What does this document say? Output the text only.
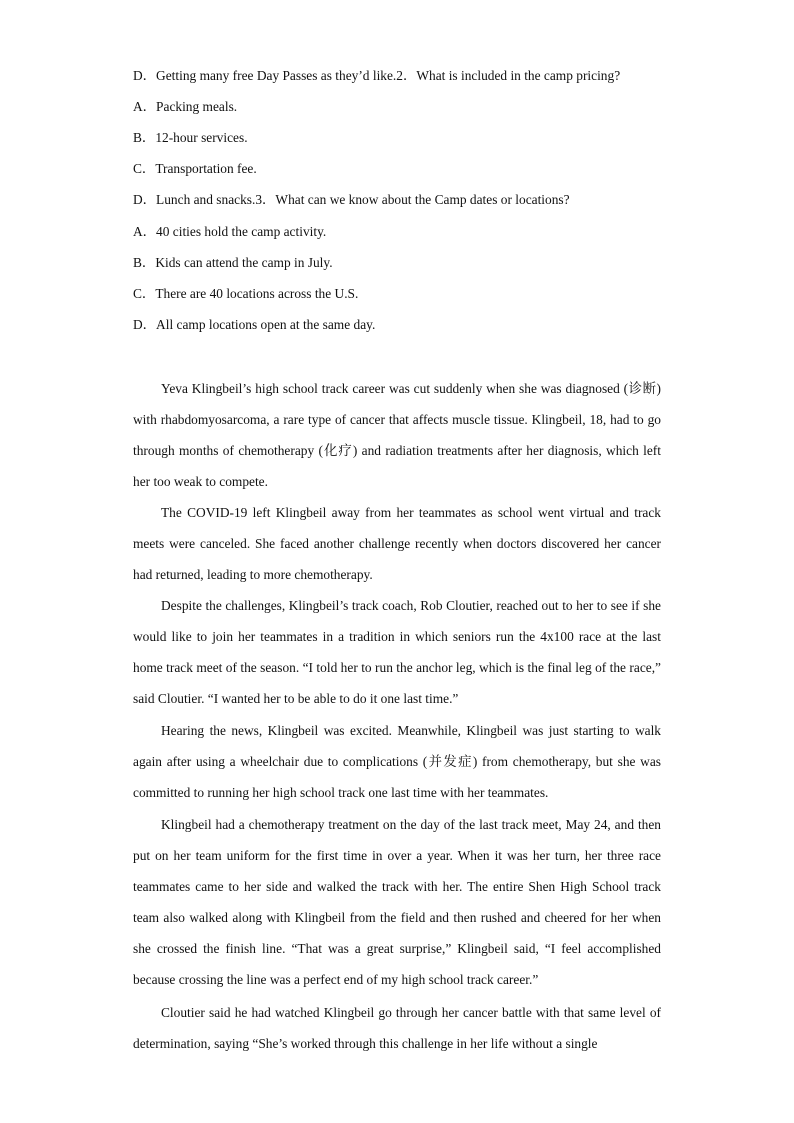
D．Getting many free Day Passes as they’d like.2．What is included in the camp pricing?
A．Packing meals.
B．12-hour services.
C．Transportation fee.
D．Lunch and snacks.3．What can we know about the Camp dates or locations?
A．40 cities hold the camp activity.
B．Kids can attend the camp in July.
C．There are 40 locations across the U.S.
D．All camp locations open at the same day.

Yeva Klingbeil’s high school track career was cut suddenly when she was diagnosed (诊断) with rhabdomyosarcoma, a rare type of cancer that affects muscle tissue. Klingbeil, 18, had to go through months of chemotherapy (化疗) and radiation treatments after her diagnosis, which left her too weak to compete.

The COVID-19 left Klingbeil away from her teammates as school went virtual and track meets were canceled. She faced another challenge recently when doctors discovered her cancer had returned, leading to more chemotherapy.

Despite the challenges, Klingbeil’s track coach, Rob Cloutier, reached out to her to see if she would like to join her teammates in a tradition in which seniors run the 4x100 race at the last home track meet of the season. “I told her to run the anchor leg, which is the final leg of the race,” said Cloutier. “I wanted her to be able to do it one last time.”

Hearing the news, Klingbeil was excited. Meanwhile, Klingbeil was just starting to walk again after using a wheelchair due to complications (并发症) from chemotherapy, but she was committed to running her high school track one last time with her teammates.

Klingbeil had a chemotherapy treatment on the day of the last track meet, May 24, and then put on her team uniform for the first time in over a year. When it was her turn, her three race teammates came to her side and walked the track with her. The entire Shen High School track team also walked along with Klingbeil from the field and then rushed and cheered for her when she crossed the finish line. “That was a great surprise,” Klingbeil said, “I feel accomplished because crossing the line was a perfect end of my high school track career.”

Cloutier said he had watched Klingbeil go through her cancer battle with that same level of determination, saying “She’s worked through this challenge in her life without a single
